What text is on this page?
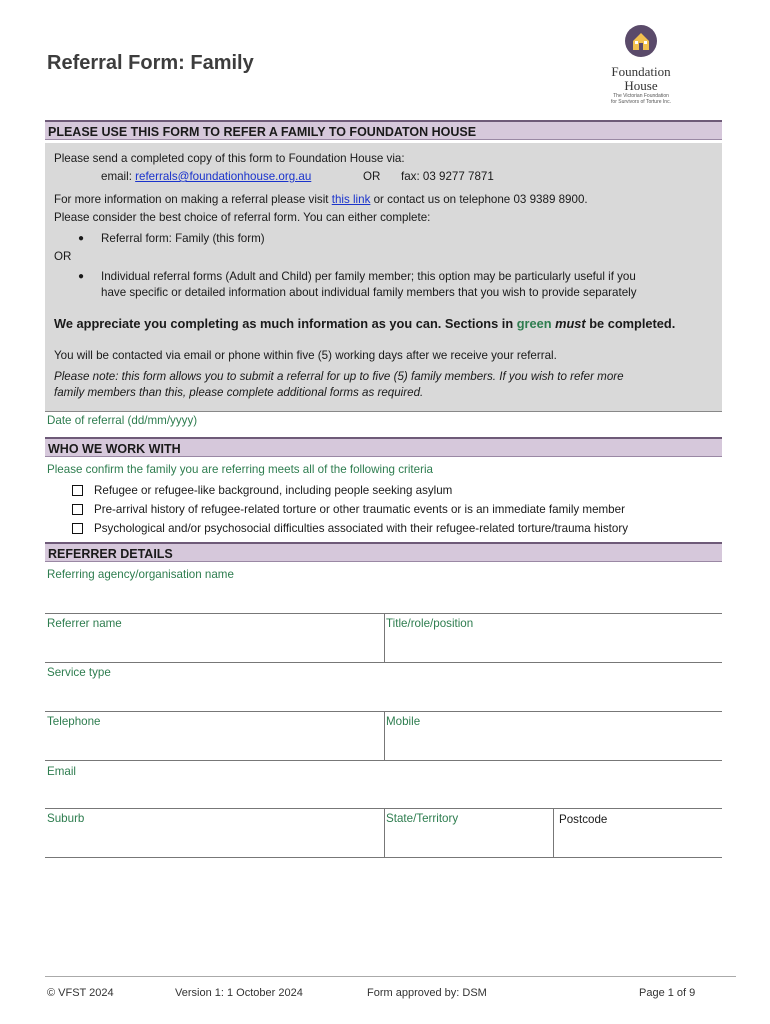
Referral Form: Family	Foundation
House
The Victorian Foundation
for Survivors of Torture Inc.
PLEASE USE THIS FORM TO REFER A FAMILY TO FOUNDATON HOUSE
Please send a completed copy of this form to Foundation House via:
email: referrals@foundationhouse.org.au	OR fax: 03 9277 7871
For more information on making a referral please visit this link or contact us on telephone 03 9389 8900.
Please consider the best choice of referral form. You can either complete:
● Referral form: Family (this form)
OR
● Individual referral forms (Adult and Child) per family member; this option may be particularly useful if you
have specific or detailed information about individual family members that you wish to provide separately
We appreciate you completing as much information as you can. Sections in green must be completed.
You will be contacted via email or phone within five (5) working days after we receive your referral.
Please note: this form allows you to submit a referral for up to five (5) family members. If you wish to refer more
family members than this, please complete additional forms as required.
Date of referral (dd/mm/yyyy)
WHO WE WORK WITH
Please confirm the family you are referring meets all of the following criteria
Refugee or refugee-like background, including people seeking asylum
Pre-arrival history of refugee-related torture or other traumatic events or is an immediate family member
Psychological and/or psychosocial difficulties associated with their refugee-related torture/trauma history
REFERRER DETAILS
Referring agency/organisation name
Referrer name	Title/role/position
Service type
Telephone	Mobile
Email
Suburb	State/Territory	Postcode
© VFST 2024	Version 1: 1 October 2024	Form approved by: DSM	Page 1 of 9
